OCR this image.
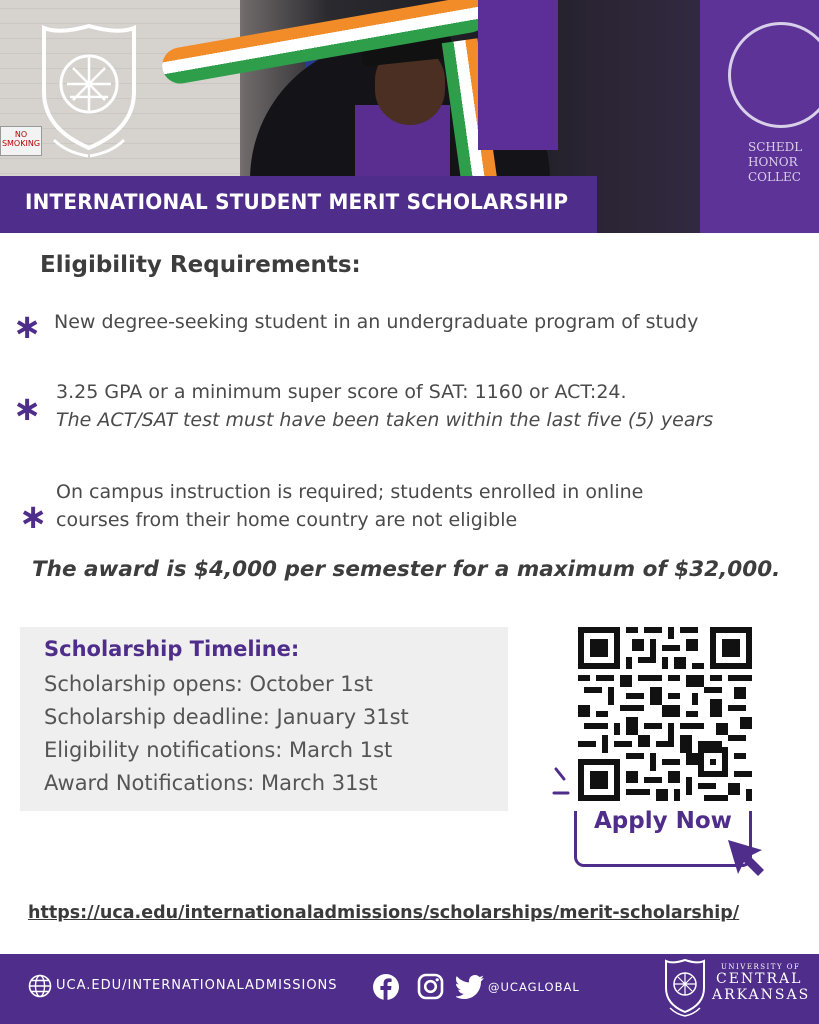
NO SMOKING	SCHEDL
HONOR
COLLEC
INTERNATIONAL STUDENT MERIT SCHOLARSHIP
Eligibility Requirements:
∗ New degree-seeking student in an undergraduate program of study
∗ 3.25 GPA or a minimum super score of SAT: 1160 or ACT:24.
The ACT/SAT test must have been taken within the last five (5) years
∗
On campus instruction is required; students enrolled in online
courses from their home country are not eligible
The award is $4,000 per semester for a maximum of $32,000.
Scholarship Timeline:
Scholarship opens: October 1st
Scholarship deadline: January 31st
Eligibility notifications: March 1st
Award Notifications: March 31st
Apply Now
https://uca.edu/internationaladmissions/scholarships/merit-scholarship/
UCA.EDU/INTERNATIONALADMISSIONS	@UCAGLOBAL
UNIVERSITY OF
CENTRAL
ARKANSAS
